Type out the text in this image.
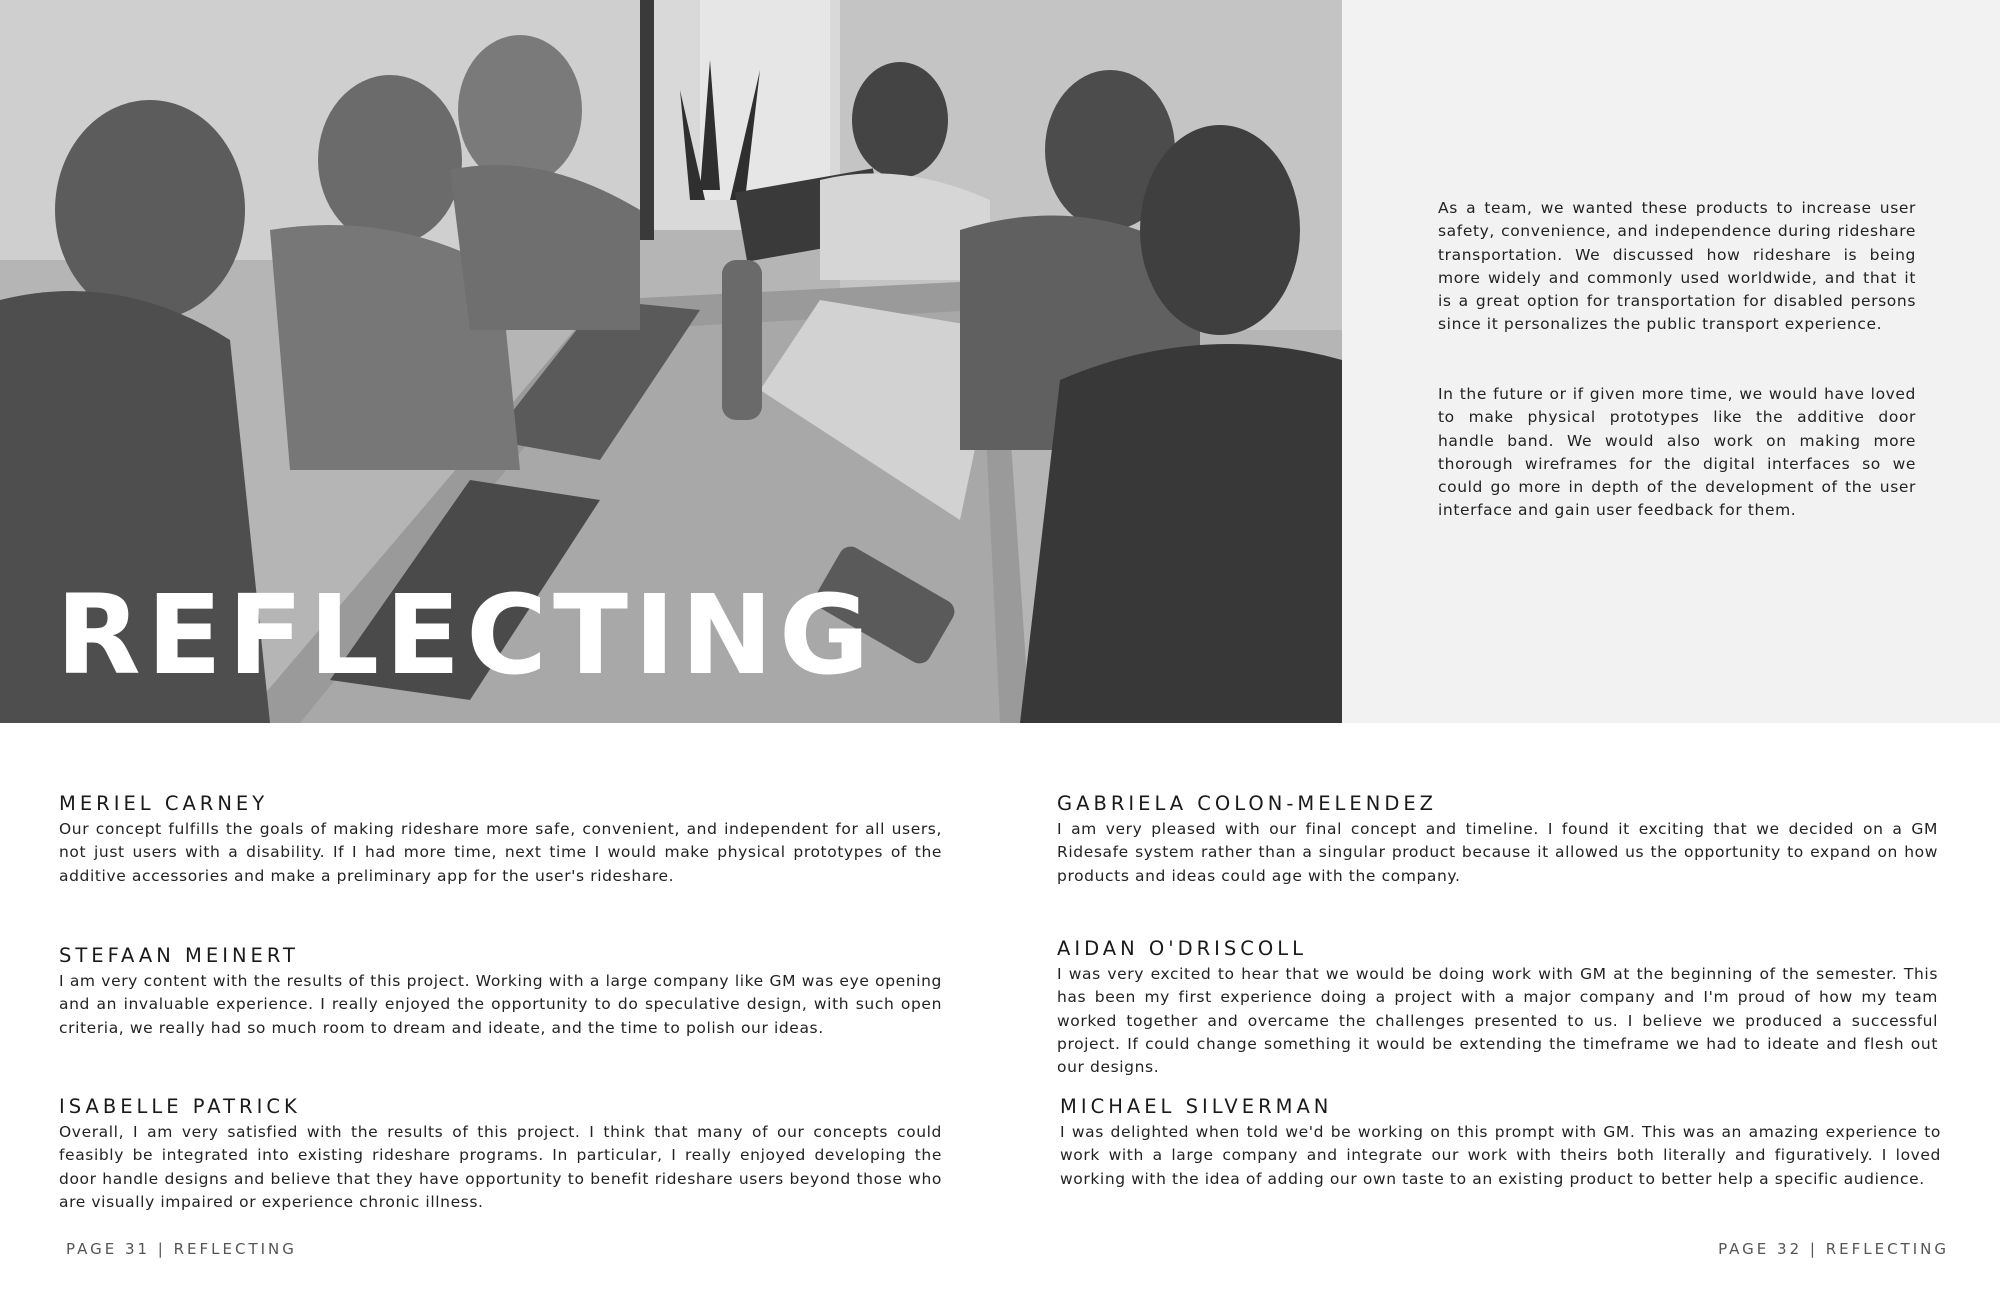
REFLECTING

As a team, we wanted these products to increase user safety, convenience, and independence during rideshare transportation. We discussed how rideshare is being more widely and commonly used worldwide, and that it is a great option for transportation for disabled persons since it personalizes the public transport experience.

In the future or if given more time, we would have loved to make physical prototypes like the additive door handle band. We would also work on making more thorough wireframes for the digital interfaces so we could go more in depth of the development of the user interface and gain user feedback for them.

MERIEL CARNEY

Our concept fulfills the goals of making rideshare more safe, convenient, and independent for all users, not just users with a disability. If I had more time, next time I would make physical prototypes of the additive accessories and make a preliminary app for the user's rideshare.

STEFAAN MEINERT

I am very content with the results of this project. Working with a large company like GM was eye opening and an invaluable experience. I really enjoyed the opportunity to do speculative design, with such open criteria, we really had so much room to dream and ideate, and the time to polish our ideas.

ISABELLE PATRICK

Overall, I am very satisfied with the results of this project. I think that many of our concepts could feasibly be integrated into existing rideshare programs. In particular, I really enjoyed developing the door handle designs and believe that they have opportunity to benefit rideshare users beyond those who are visually impaired or experience chronic illness.

GABRIELA COLON-MELENDEZ

I am very pleased with our final concept and timeline. I found it exciting that we decided on a GM Ridesafe system rather than a singular product because it allowed us the opportunity to expand on how products and ideas could age with the company.

AIDAN O'DRISCOLL

I was very excited to hear that we would be doing work with GM at the beginning of the semester. This has been my first experience doing a project with a major company and I'm proud of how my team worked together and overcame the challenges presented to us. I believe we produced a successful project. If could change something it would be extending the timeframe we had to ideate and flesh out our designs.

MICHAEL SILVERMAN

I was delighted when told we'd be working on this prompt with GM. This was an amazing experience to work with a large company and integrate our work with theirs both literally and figuratively. I loved working with the idea of adding our own taste to an existing product to better help a specific audience.

PAGE 31 | REFLECTING	PAGE 32 | REFLECTING
